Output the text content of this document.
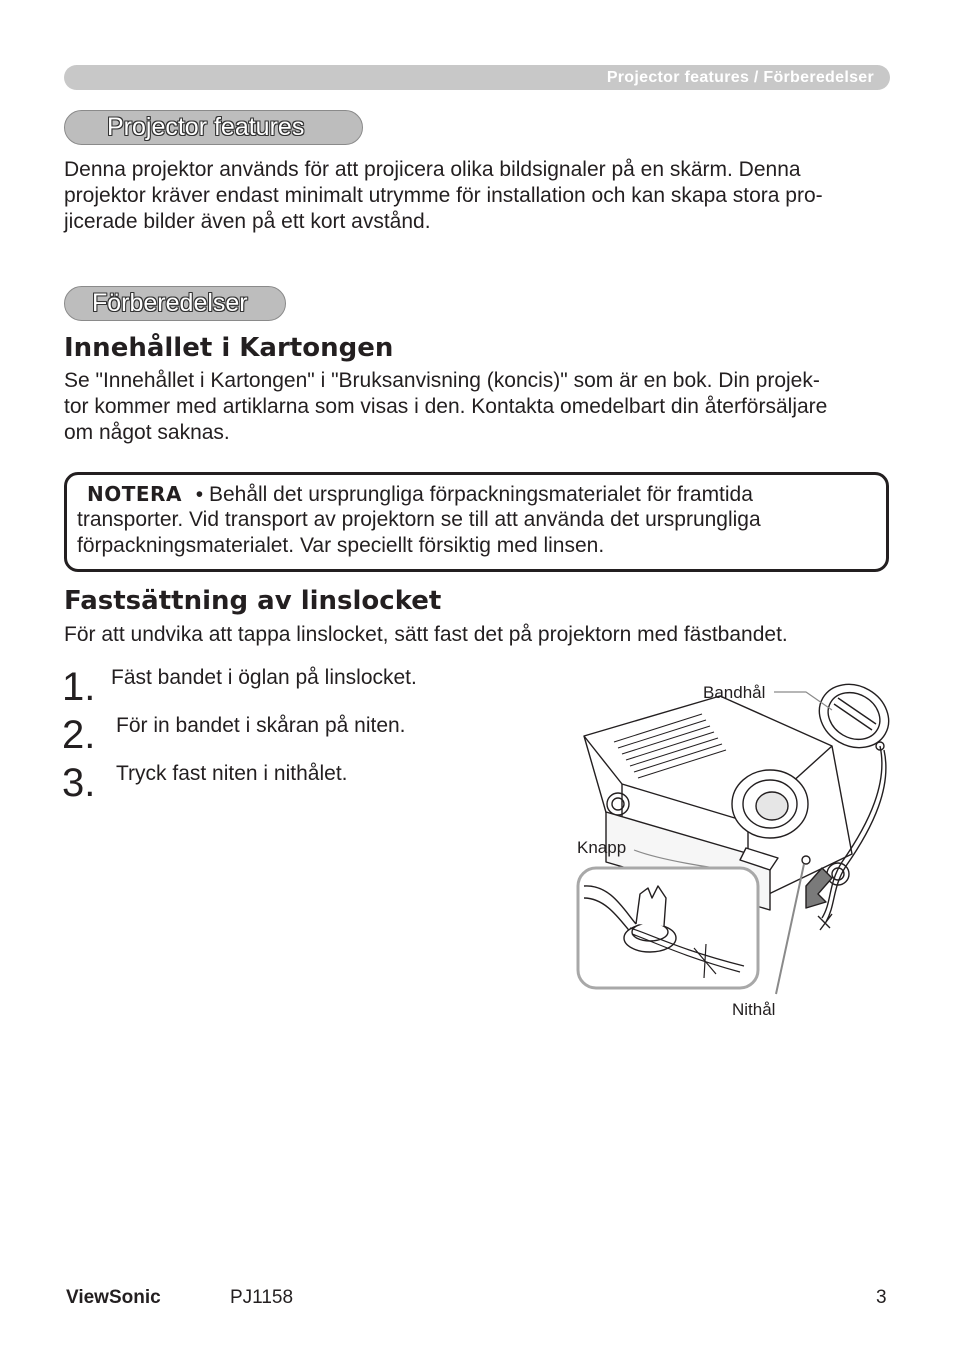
Projector features / Förberedelser
Projector features

Denna projektor används för att projicera olika bildsignaler på en skärm. Denna
projektor kräver endast minimalt utrymme för installation och kan skapa stora pro-
jicerade bilder även på ett kort avstånd.

Förberedelser
Innehållet i Kartongen

Se "Innehållet i Kartongen" i "Bruksanvisning (koncis)" som är en bok. Din projek-
tor kommer med artiklarna som visas i den. Kontakta omedelbart din återförsäljare
om något saknas.

NOTERA • Behåll det ursprungliga förpackningsmaterialet för framtida
transporter. Vid transport av projektorn se till att använda det ursprungliga
förpackningsmaterialet. Var speciellt försiktig med linsen.
Fastsättning av linslocket

För att undvika att tappa linslocket, sätt fast det på projektorn med fästbandet.

1. Fäst bandet i öglan på linslocket.
2. För in bandet i skåran på niten.
3. Tryck fast niten i nithålet.
Bandhål
Knapp
Nithål
ViewSonic	PJ1158	3
